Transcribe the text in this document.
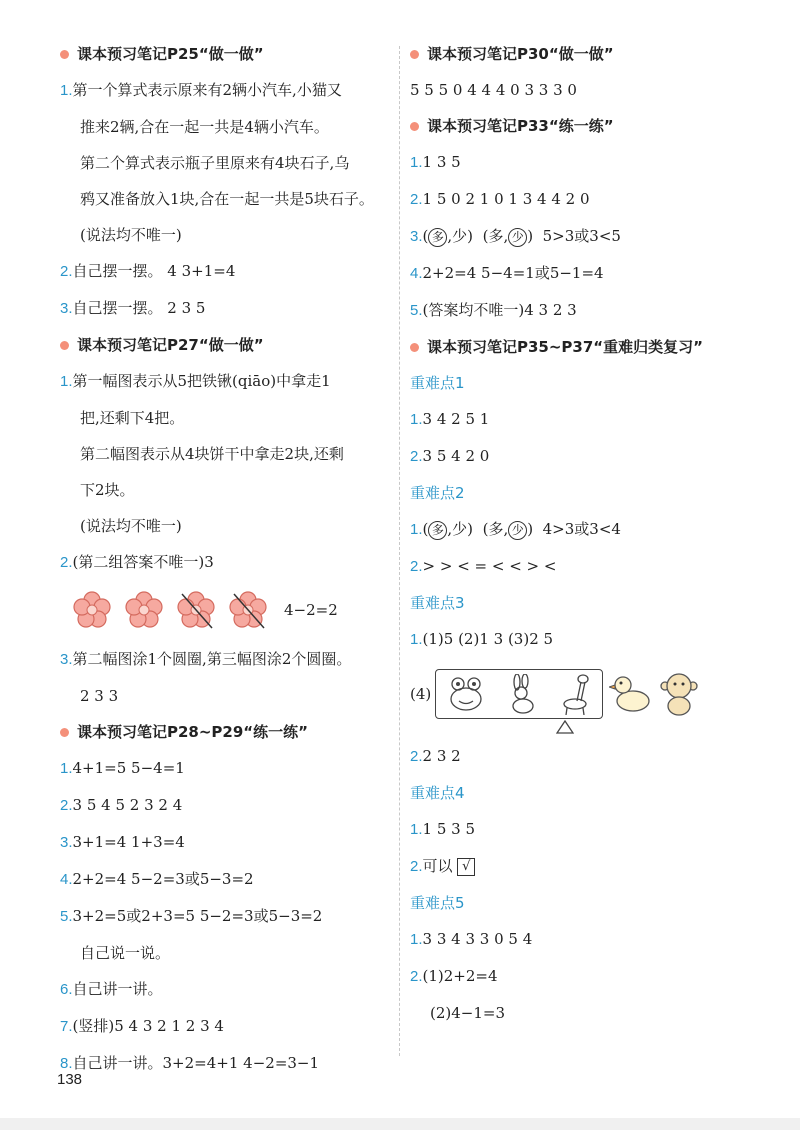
课本预习笔记P25“做一做”
1.第一个算式表示原来有2辆小汽车,小猫又
推来2辆,合在一起一共是4辆小汽车。
第二个算式表示瓶子里原来有4块石子,乌
鸦又准备放入1块,合在一起一共是5块石子。
(说法均不唯一)
2.自己摆一摆。 4 3+1=4
3.自己摆一摆。 2 3 5
课本预习笔记P27“做一做”
1.第一幅图表示从5把铁锹(qiāo)中拿走1
把,还剩下4把。
第二幅图表示从4块饼干中拿走2块,还剩
下2块。
(说法均不唯一)
2.(第二组答案不唯一)3
4−2=2
3.第二幅图涂1个圆圈,第三幅图涂2个圆圈。
2 3 3
课本预习笔记P28~P29“练一练”
1.4+1=5 5−4=1
2.3 5 4 5 2 3 2 4
3.3+1=4 1+3=4
4.2+2=4 5−2=3或5−3=2
5.3+2=5或2+3=5 5−2=3或5−3=2
自己说一说。
6.自己讲一讲。
7.(竖排)5 4 3 2 1 2 3 4
8.自己讲一讲。3+2=4+1 4−2=3−1
课本预习笔记P30“做一做”
5 5 5 0 4 4 4 0 3 3 3 0
课本预习笔记P33“练一练”
1.1 3 5
2.1 5 0 2 1 0 1 3 4 4 2 0
3.( 多 ,少) (多, 少 ) 5>3或3<5
4.2+2=4 5−4=1或5−1=4
5.(答案均不唯一)4 3 2 3
课本预习笔记P35~P37“重难归类复习”
重难点1
1.3 4 2 5 1
2.3 5 4 2 0
重难点2
1.( 多 ,少) (多, 少 ) 4>3或3<4
2.> > < = < < > <
重难点3
1.(1)5 (2)1 3 (3)2 5
(4)
2.2 3 2
重难点4
1.1 5 3 5
2.可以 √
重难点5
1.3 3 4 3 3 0 5 4
2.(1)2+2=4
(2)4−1=3
138
